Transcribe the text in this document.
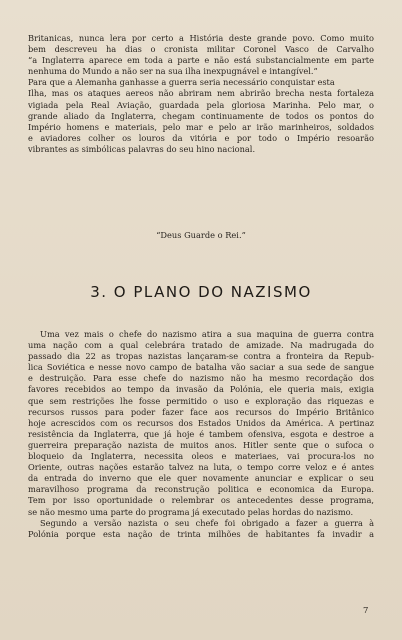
Britanicas, nunca lera por certo a História deste grande povo. Como muito
bem descreveu ha dias o cronista militar Coronel Vasco de Carvalho
“a Inglaterra aparece em toda a parte e não está substancialmente em parte
nenhuma do Mundo a não ser na sua ilha inexpugnável e intangível.”
Para que a Alemanha ganhasse a guerra seria necessário conquistar esta
Ilha, mas os ataques aereos não abriram nem abrirão brecha nesta fortaleza
vigiada pela Real Aviação, guardada pela gloriosa Marinha. Pelo mar, o
grande aliado da Inglaterra, chegam continuamente de todos os pontos do
Império homens e materiais, pelo mar e pelo ar irão marinheiros, soldados
e aviadores colher os louros da vitória e por todo o Império resoarão
vibrantes as simbólicas palavras do seu hino nacional.
“Deus Guarde o Rei.”
3. O PLANO DO NAZISMO
Uma vez mais o chefe do nazismo atira a sua maquina de guerra contra
uma nação com a qual celebrára tratado de amizade. Na madrugada do
passado dia 22 as tropas nazistas lançaram-se contra a fronteira da Repub-
lica Soviética e nesse novo campo de batalha vão saciar a sua sede de sangue
e destruição. Para esse chefe do nazismo não ha mesmo recordação dos
favores recebidos ao tempo da invasão da Polónia, ele queria mais, exigia
que sem restrições lhe fosse permitido o uso e exploração das riquezas e
recursos russos para poder fazer face aos recursos do Império Britânico
hoje acrescidos com os recursos dos Estados Unidos da América. A pertinaz
resistência da Inglaterra, que já hoje é tambem ofensiva, esgota e destroe a
guerreira preparação nazista de muitos anos. Hitler sente que o sufoca o
bloqueio da Inglaterra, necessita oleos e materiaes, vai procura-los no
Oriente, outras nações estarão talvez na luta, o tempo corre veloz e é antes
da entrada do inverno que ele quer novamente anunciar e explicar o seu
maravilhoso programa da reconstrução politica e economica da Europa.
Tem por isso oportunidade o relembrar os antecedentes desse programa,
se não mesmo uma parte do programa já executado pelas hordas do nazismo.
Segundo a versão nazista o seu chefe foi obrigado a fazer a guerra à
Polónia porque esta nação de trinta milhões de habitantes fa invadir a
7
